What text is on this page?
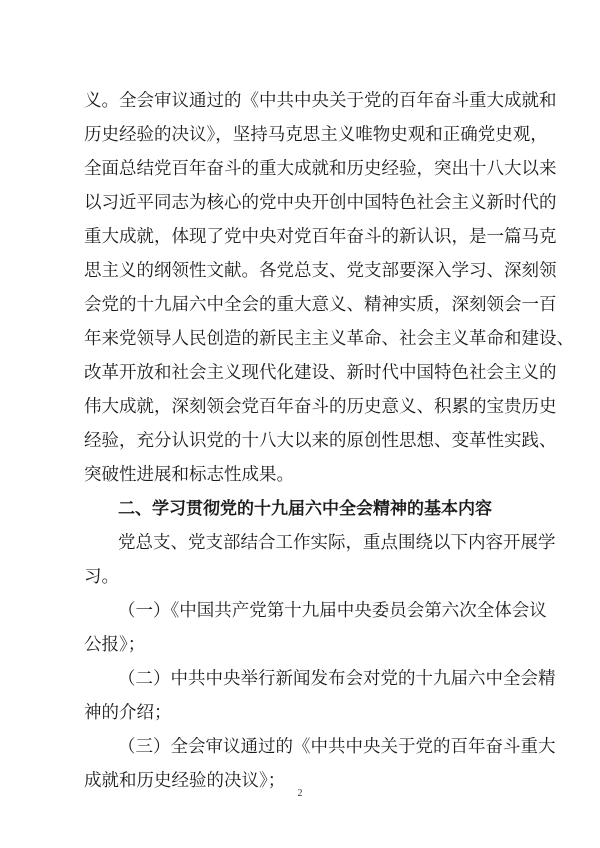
义。全会审议通过的《中共中央关于党的百年奋斗重大成就和
历史经验的决议》，坚持马克思主义唯物史观和正确党史观，
全面总结党百年奋斗的重大成就和历史经验，突出十八大以来
以习近平同志为核心的党中央开创中国特色社会主义新时代的
重大成就，体现了党中央对党百年奋斗的新认识，是一篇马克
思主义的纲领性文献。各党总支、党支部要深入学习、深刻领
会党的十九届六中全会的重大意义、精神实质，深刻领会一百
年来党领导人民创造的新民主主义革命、社会主义革命和建设、
改革开放和社会主义现代化建设、新时代中国特色社会主义的
伟大成就，深刻领会党百年奋斗的历史意义、积累的宝贵历史
经验，充分认识党的十八大以来的原创性思想、变革性实践、
突破性进展和标志性成果。
二、学习贯彻党的十九届六中全会精神的基本内容
党总支、党支部结合工作实际，重点围绕以下内容开展学
习。
（一）《中国共产党第十九届中央委员会第六次全体会议
公报》；
（二）中共中央举行新闻发布会对党的十九届六中全会精
神的介绍；
（三）全会审议通过的《中共中央关于党的百年奋斗重大
成就和历史经验的决议》；
2
